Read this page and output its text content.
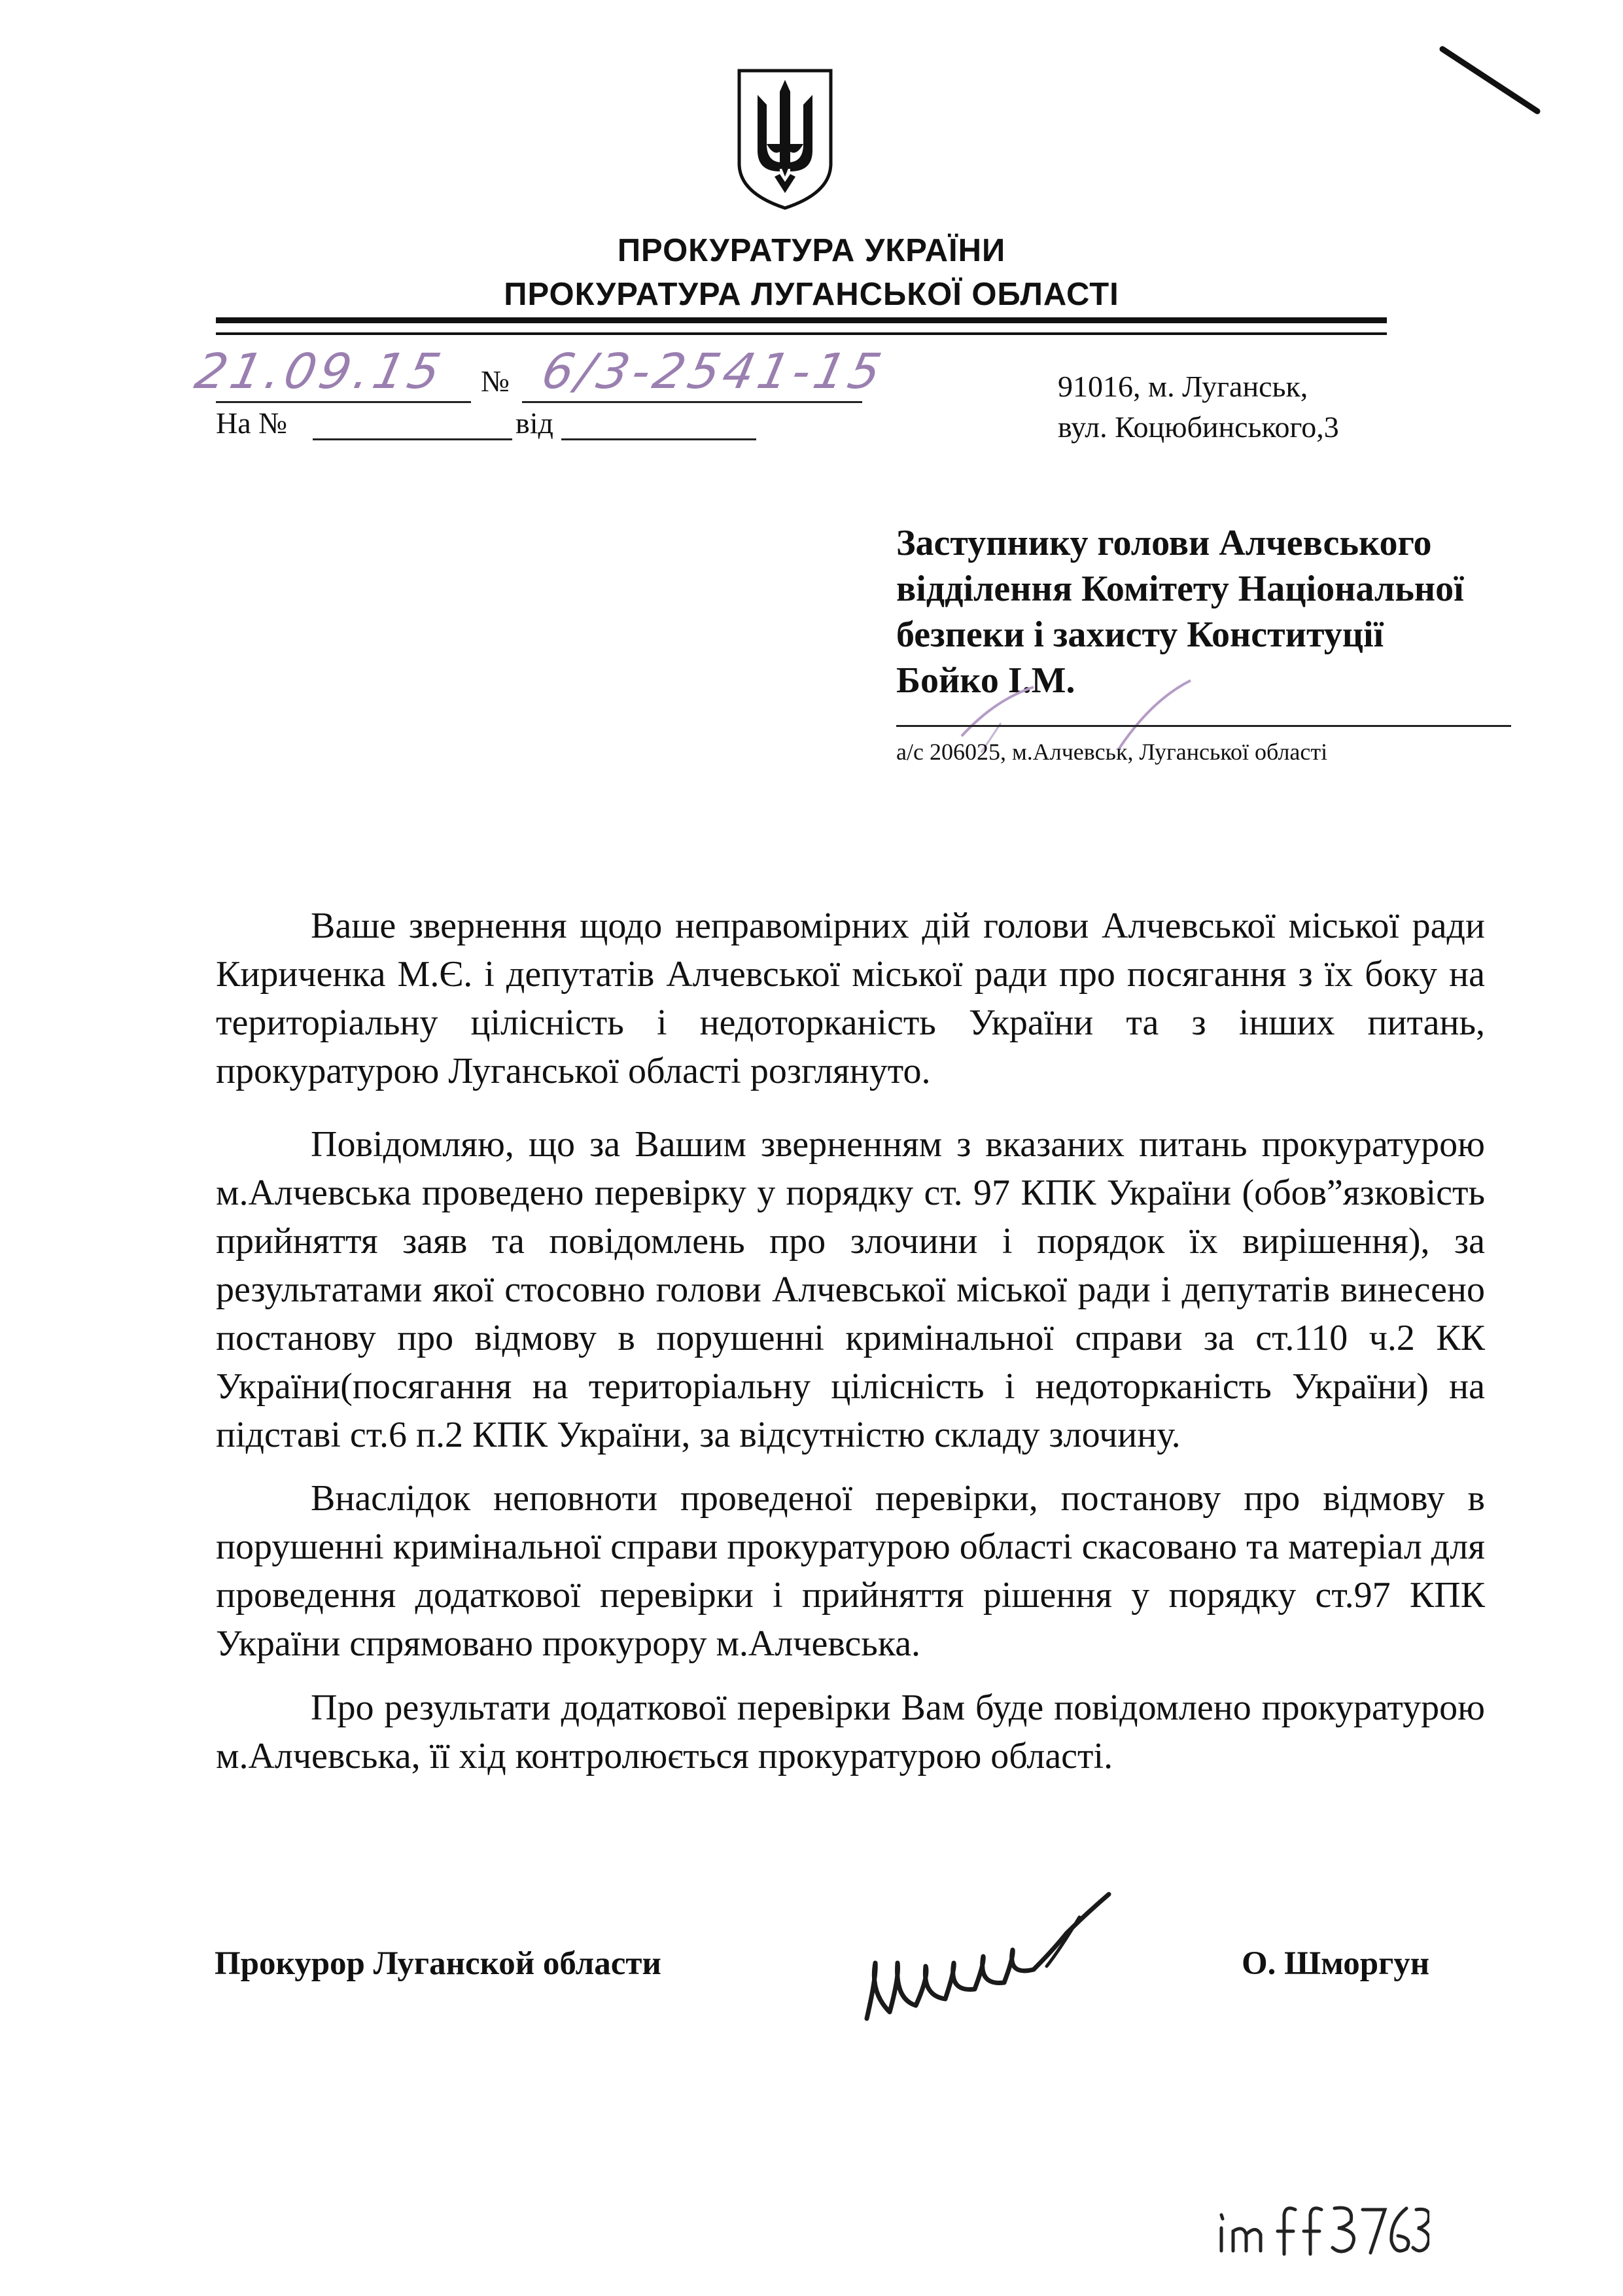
ПРОКУРАТУРА УКРАЇНИ
ПРОКУРАТУРА ЛУГАНСЬКОЇ ОБЛАСТІ
21.09.15 № 6/3-2541-15
На №	від
91016, м. Луганськ,
вул. Коцюбинського,3
Заступнику голови Алчевського
відділення Комітету Національної
безпеки і захисту Конституції
Бойко І.М.
а/с 206025, м.Алчевськ, Луганської області

Ваше звернення щодо неправомірних дій голови Алчевської міської ради Кириченка М.Є. і депутатів Алчевської міської ради про посягання з їх боку на територіальну цілісність і недоторканість України та з інших питань, прокуратурою Луганської області розглянуто.

Повідомляю, що за Вашим зверненням з вказаних питань прокуратурою м.Алчевська проведено перевірку у порядку ст. 97 КПК України (обов”язковість прийняття заяв та повідомлень про злочини і порядок їх вирішення), за результатами якої стосовно голови Алчевської міської ради і депутатів винесено постанову про відмову в порушенні кримінальної справи за ст.110 ч.2 КК України(посягання на територіальну цілісність і недоторканість України) на підставі ст.6 п.2 КПК України, за відсутністю складу злочину.

Внаслідок неповноти проведеної перевірки, постанову про відмову в порушенні кримінальної справи прокуратурою області скасовано та матеріал для проведення додаткової перевірки і прийняття рішення у порядку ст.97 КПК України спрямовано прокурору м.Алчевська.

Про результати додаткової перевірки Вам буде повідомлено прокуратурою м.Алчевська, її хід контролюється прокуратурою області.

Прокурор Луганской области	О. Шморгун
